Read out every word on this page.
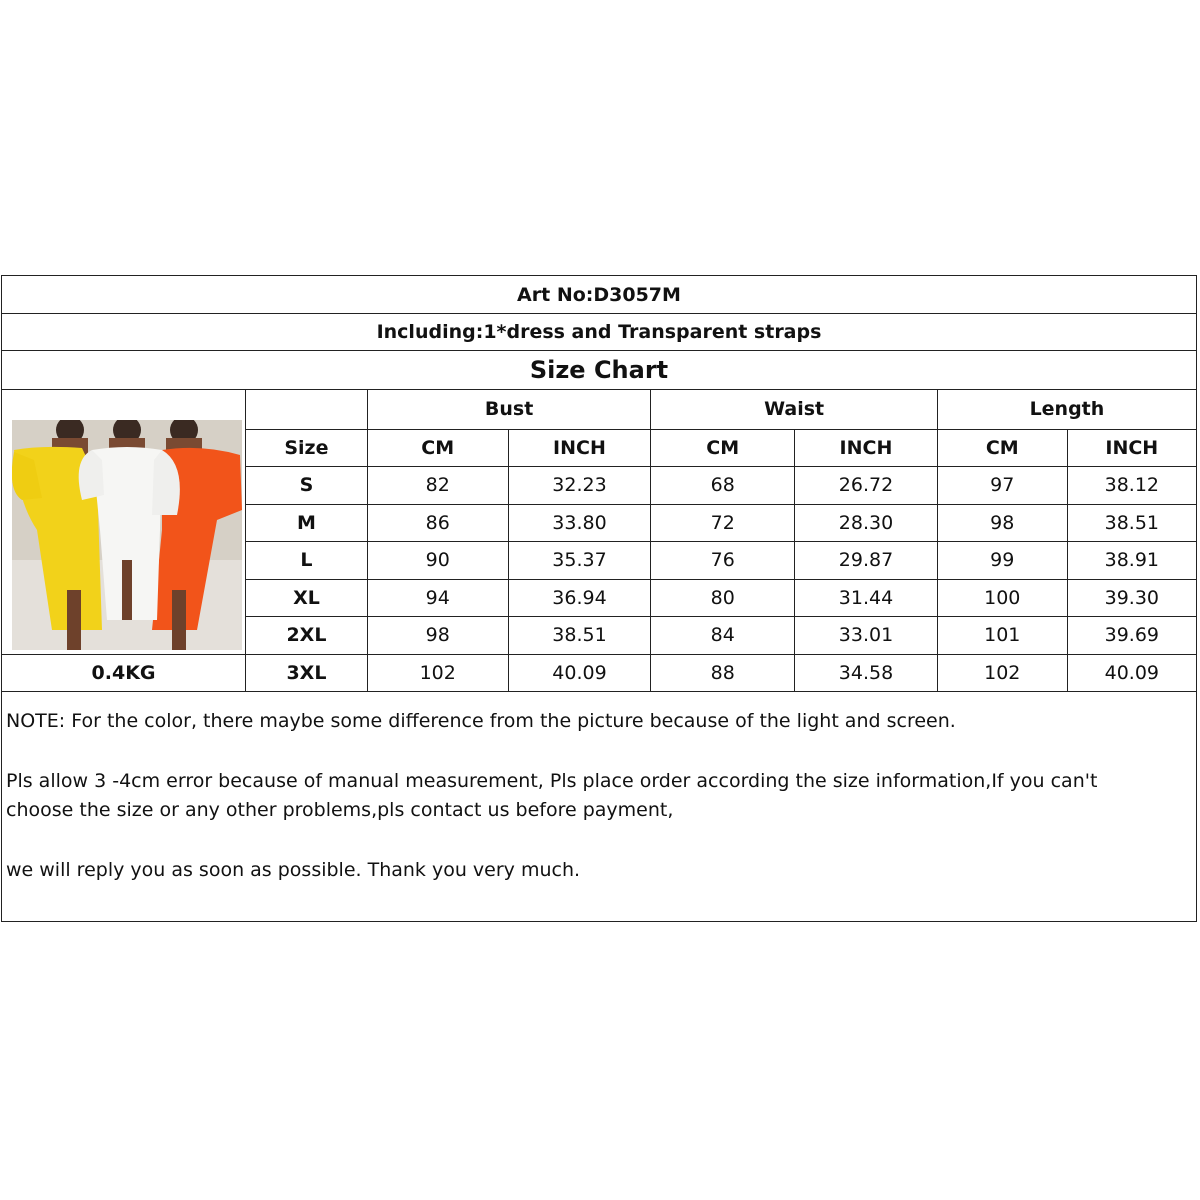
Art No:D3057M
Including:1*dress and Transparent straps
Size Chart
		Bust		Waist		Length	
	Size	CM	INCH	CM	INCH	CM	INCH
	S	82	32.23	68	26.72	97	38.12
	M	86	33.80	72	28.30	98	38.51
	L	90	35.37	76	29.87	99	38.91
	XL	94	36.94	80	31.44	100	39.30
	2XL	98	38.51	84	33.01	101	39.69
0.4KG	3XL	102	40.09	88	34.58	102	40.09

NOTE: For the color, there maybe some difference from the picture because of the light and screen.

Pls allow 3 -4cm error because of manual measurement, Pls place order according the size information,If you can't

choose the size or any other problems,pls contact us before payment,

we will reply you as soon as possible. Thank you very much.
